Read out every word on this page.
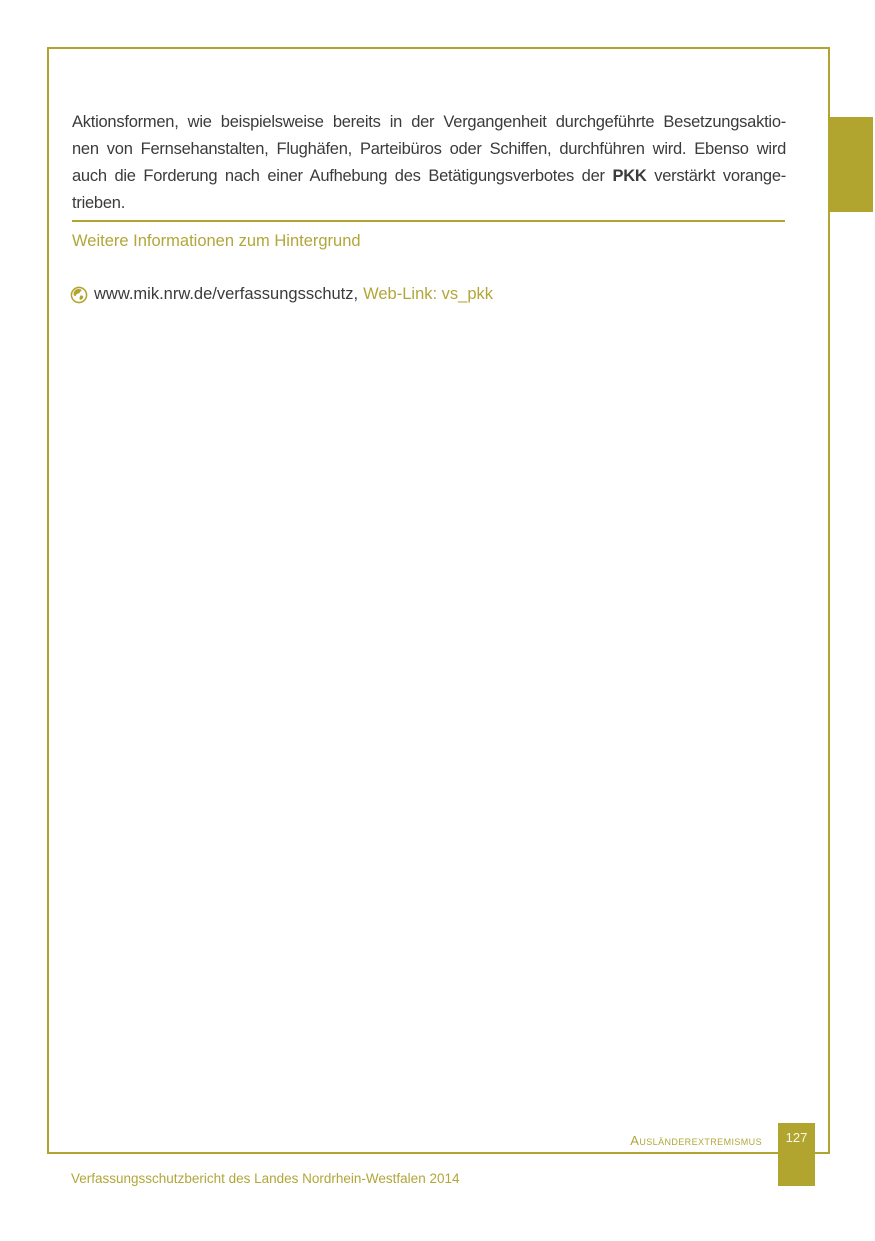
Aktionsformen, wie beispielsweise bereits in der Vergangenheit durchgeführte Besetzungsaktio-
nen von Fernsehanstalten, Flughäfen, Parteibüros oder Schiffen, durchführen wird. Ebenso wird
auch die Forderung nach einer Aufhebung des Betätigungsverbotes der PKK verstärkt vorange-
trieben.
Weitere Informationen zum Hintergrund
www.mik.nrw.de/verfassungsschutz, Web-Link: vs_pkk
Ausländerextremismus	127
Verfassungsschutzbericht des Landes Nordrhein-Westfalen 2014
